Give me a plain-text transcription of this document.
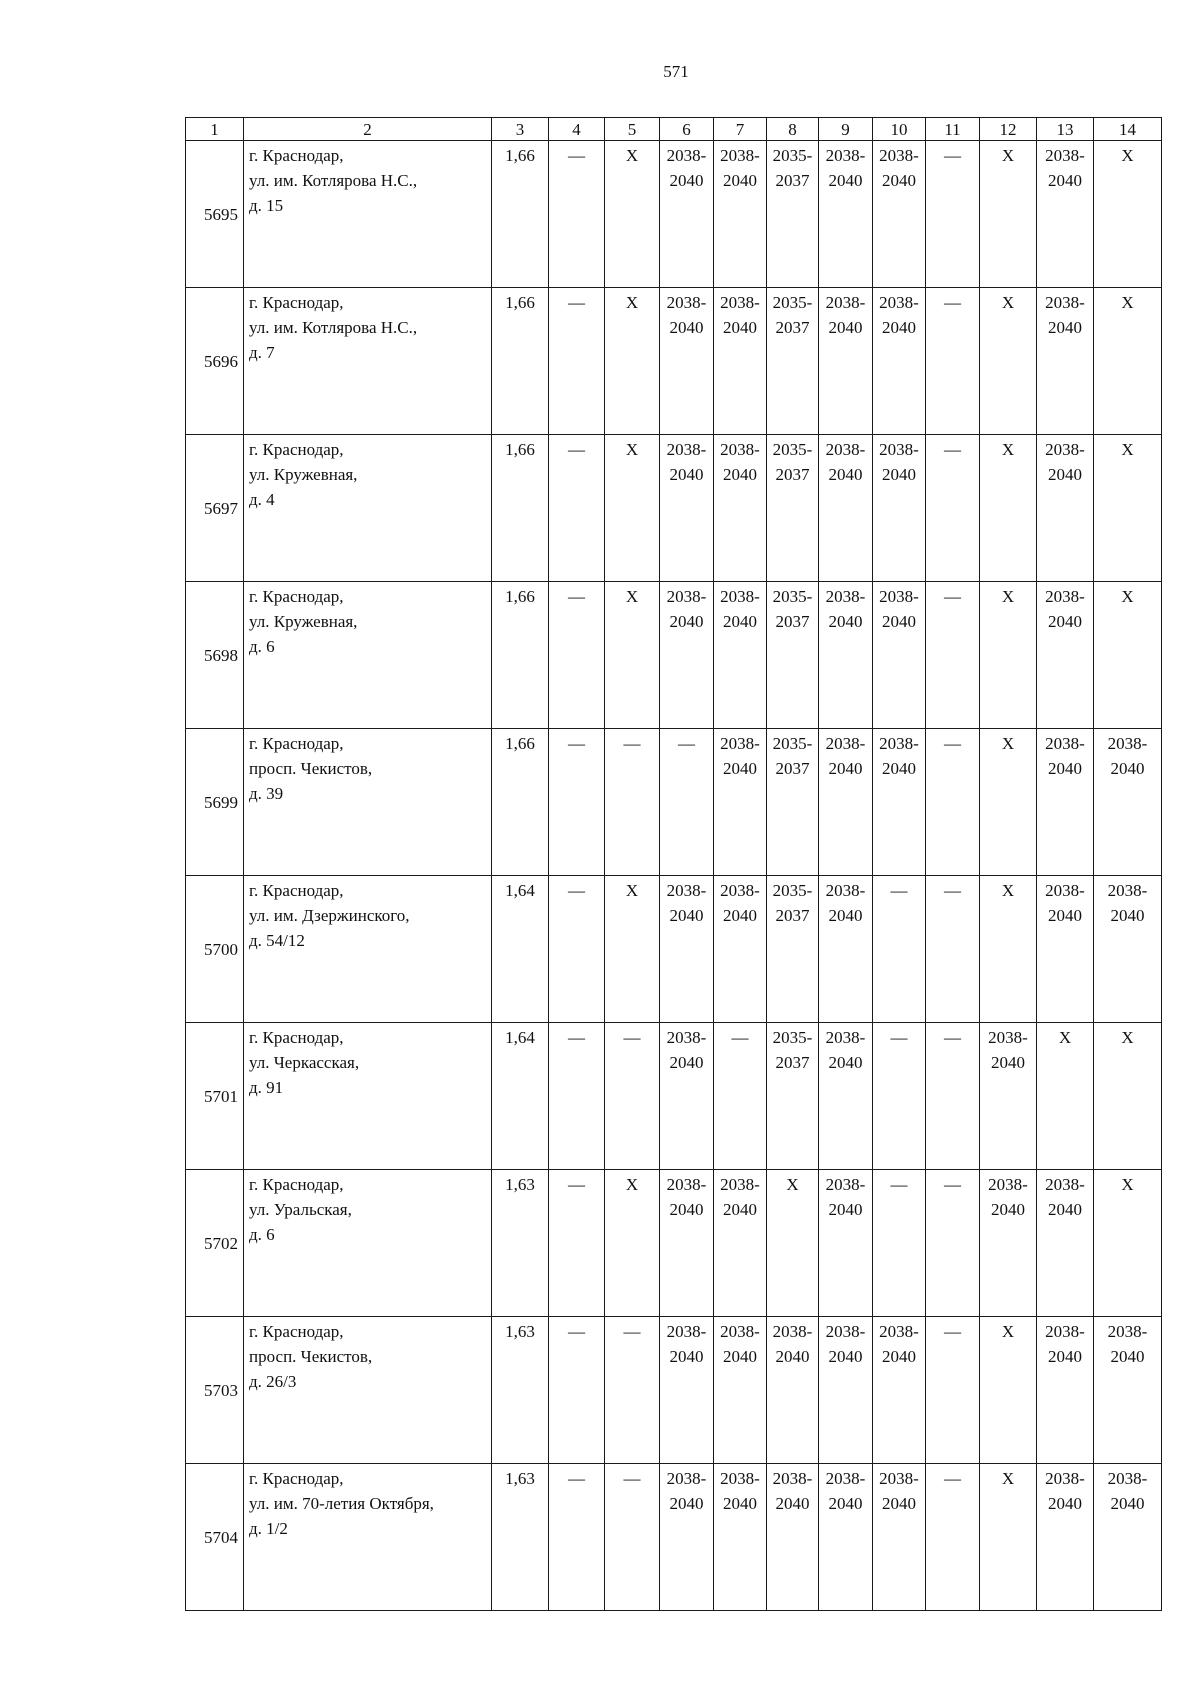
571
1	2	3	4	5	6	7	8	9	10	11	12	13	14
5695	г. Краснодар,
ул. им. Котлярова Н.С.,
д. 15	1,66	—	X	2038-
2040	2038-
2040	2035-
2037	2038-
2040	2038-
2040	—	X	2038-
2040	X
5696	г. Краснодар,
ул. им. Котлярова Н.С.,
д. 7	1,66	—	X	2038-
2040	2038-
2040	2035-
2037	2038-
2040	2038-
2040	—	X	2038-
2040	X
5697	г. Краснодар,
ул. Кружевная,
д. 4	1,66	—	X	2038-
2040	2038-
2040	2035-
2037	2038-
2040	2038-
2040	—	X	2038-
2040	X
5698	г. Краснодар,
ул. Кружевная,
д. 6	1,66	—	X	2038-
2040	2038-
2040	2035-
2037	2038-
2040	2038-
2040	—	X	2038-
2040	X
5699	г. Краснодар,
просп. Чекистов,
д. 39	1,66	—	—	—	2038-
2040	2035-
2037	2038-
2040	2038-
2040	—	X	2038-
2040	2038-
2040

5700	г. Краснодар,
ул. им. Дзержинского,
д. 54/12	1,64	—	X	2038-
2040	2038-
2040	2035-
2037	2038-
2040	—	—	X	2038-
2040	2038-
2040

5701	г. Краснодар,
ул. Черкасская,
д. 91	1,64	—	—	2038-
2040	—	2035-
2037	2038-
2040	—	—	2038-
2040	X	X
5702	г. Краснодар,
ул. Уральская,
д. 6	1,63	—	X	2038-
2040	2038-
2040	X	2038-
2040	—	—	2038-
2040	2038-
2040	X
5703	г. Краснодар,
просп. Чекистов,
д. 26/3	1,63	—	—	2038-
2040	2038-
2040	2038-
2040	2038-
2040	2038-
2040	—	X	2038-
2040	2038-
2040

5704	г. Краснодар,
ул. им. 70-летия Октября,
д. 1/2	1,63	—	—	2038-
2040	2038-
2040	2038-
2040	2038-
2040	2038-
2040	—	X	2038-
2040	2038-
2040
